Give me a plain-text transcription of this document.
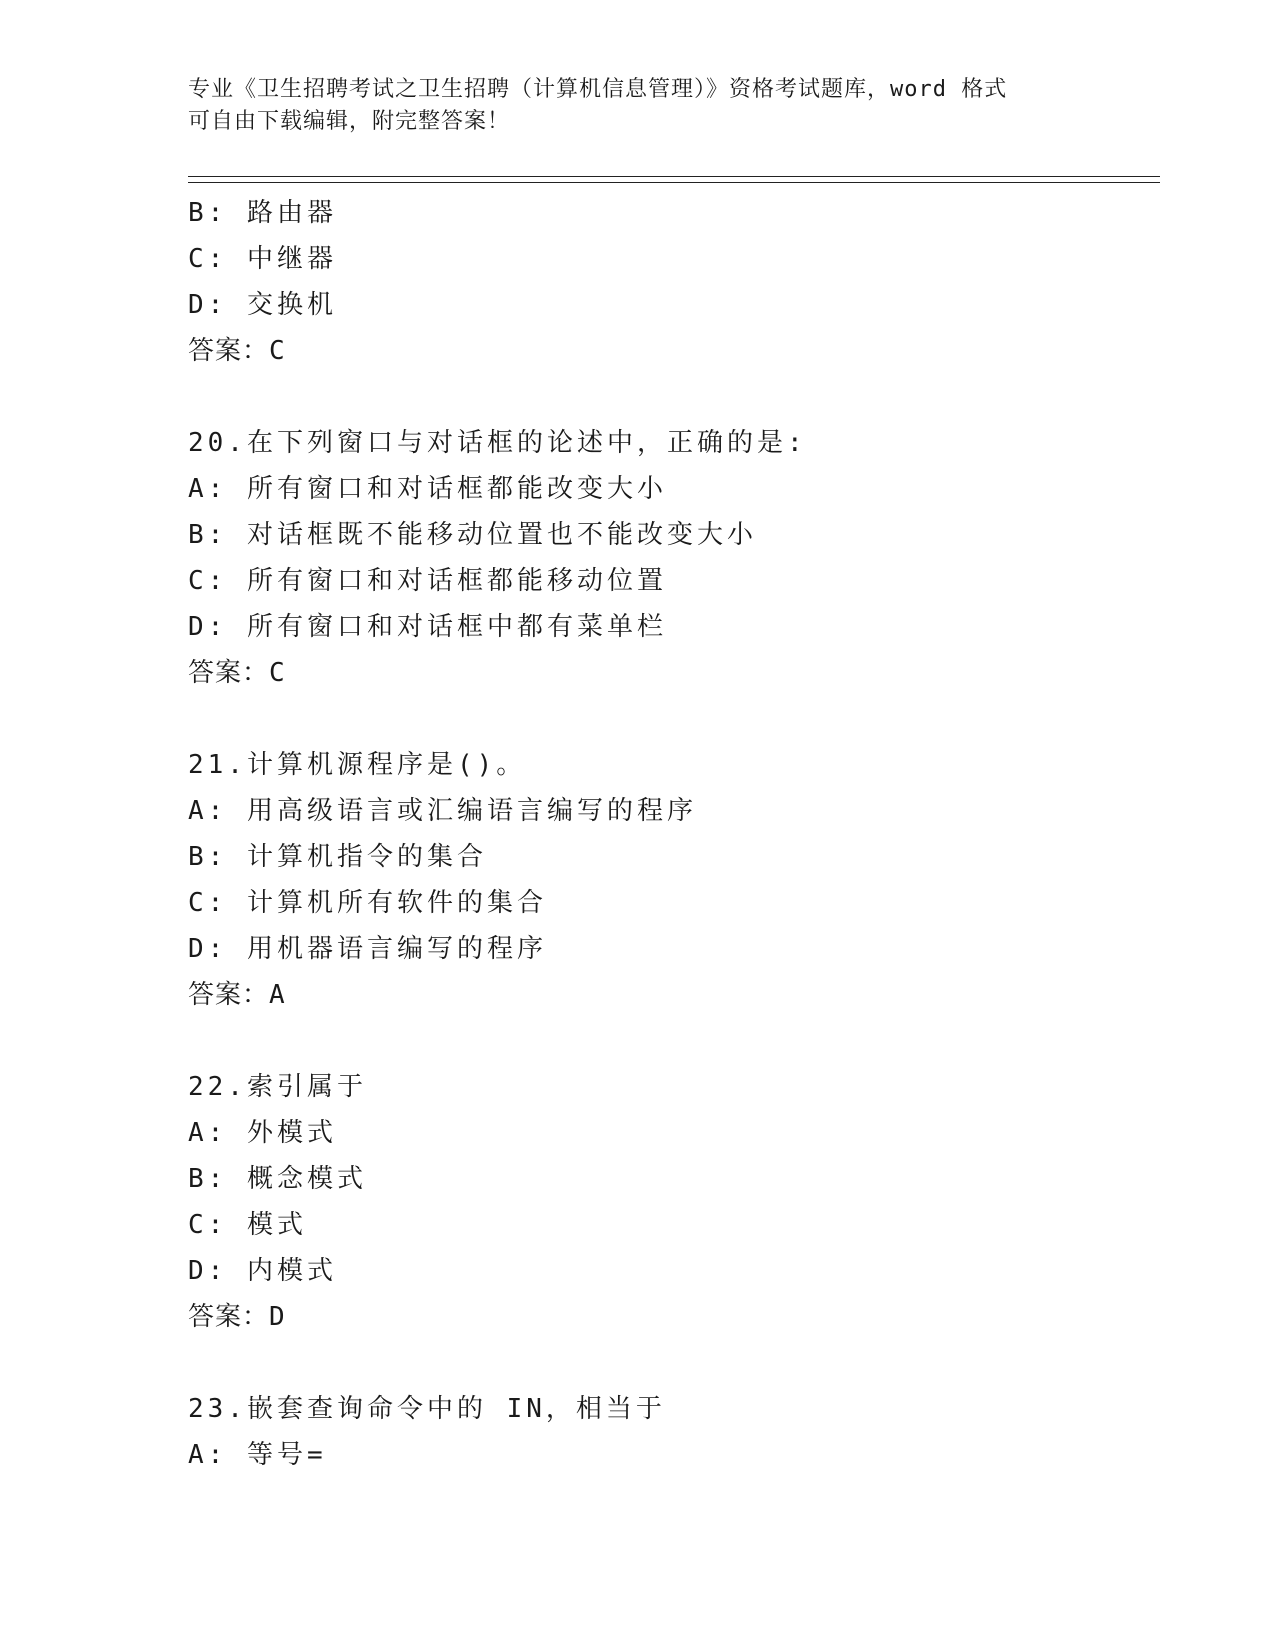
专业《卫生招聘考试之卫生招聘（计算机信息管理）》资格考试题库，word 格式
可自由下载编辑，附完整答案！
B: 路由器
C: 中继器
D: 交换机
答案：C
20.在下列窗口与对话框的论述中，正确的是:
A: 所有窗口和对话框都能改变大小
B: 对话框既不能移动位置也不能改变大小
C: 所有窗口和对话框都能移动位置
D: 所有窗口和对话框中都有菜单栏
答案：C
21.计算机源程序是()。
A: 用高级语言或汇编语言编写的程序
B: 计算机指令的集合
C: 计算机所有软件的集合
D: 用机器语言编写的程序
答案：A
22.索引属于
A: 外模式
B: 概念模式
C: 模式
D: 内模式
答案：D
23.嵌套查询命令中的 IN，相当于
A: 等号=
